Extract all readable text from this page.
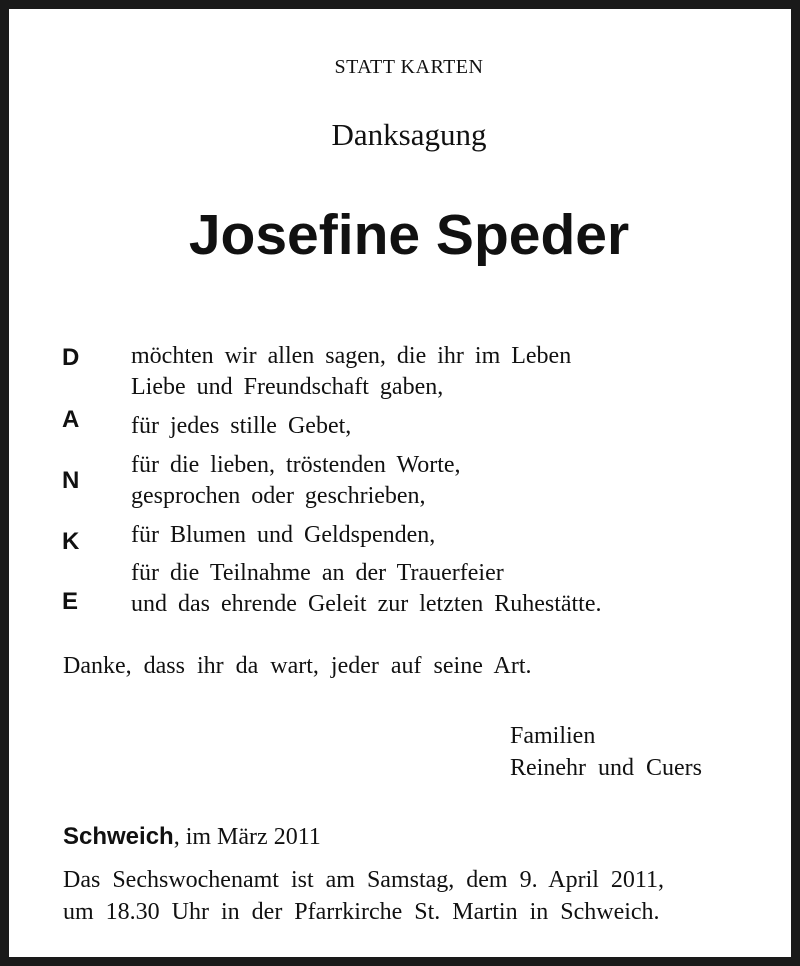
STATT KARTEN
Danksagung
Josefine Speder
D
A
N
K
E
möchten wir allen sagen, die ihr im Leben
Liebe und Freundschaft gaben,
für jedes stille Gebet,
für die lieben, tröstenden Worte,
gesprochen oder geschrieben,
für Blumen und Geldspenden,
für die Teilnahme an der Trauerfeier
und das ehrende Geleit zur letzten Ruhestätte.
Danke, dass ihr da wart, jeder auf seine Art.
Familien
Reinehr und Cuers
Schweich, im März 2011
Das Sechswochenamt ist am Samstag, dem 9. April 2011,
um 18.30 Uhr in der Pfarrkirche St. Martin in Schweich.
